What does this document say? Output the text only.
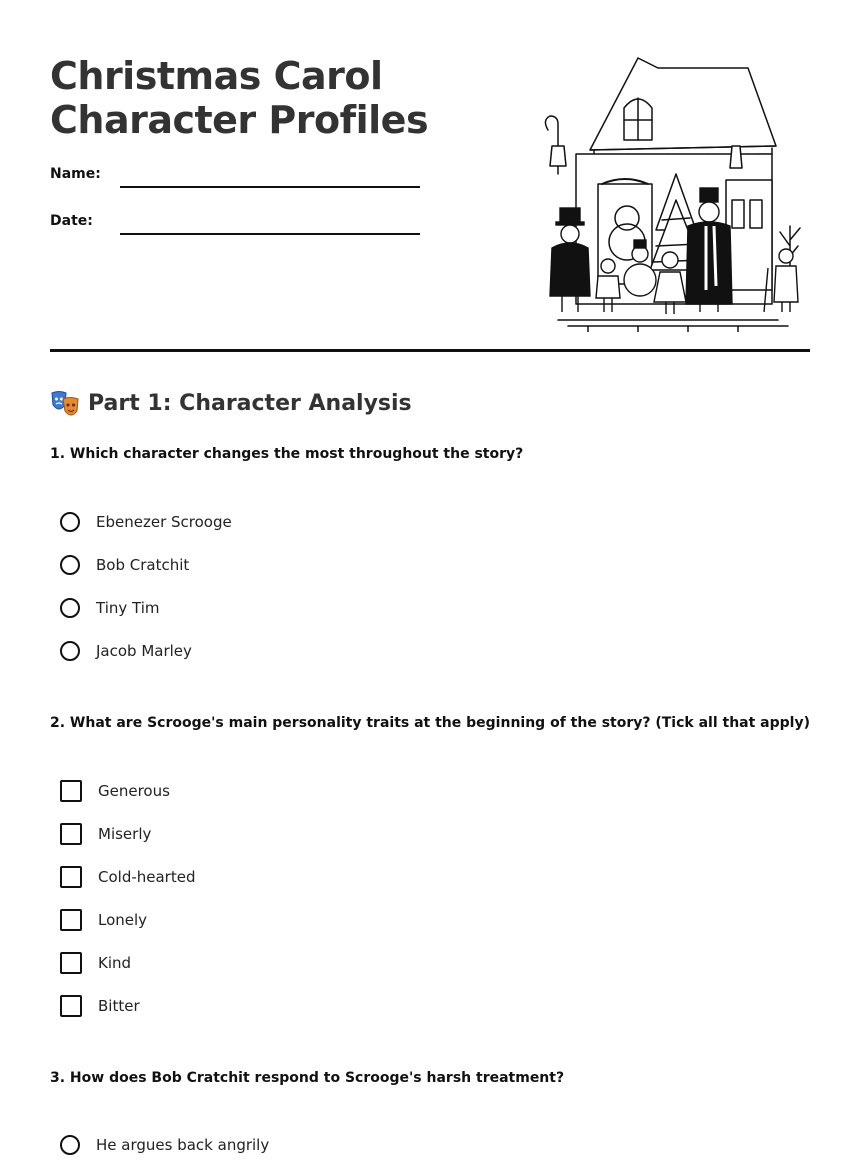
Christmas Carol
Character Profiles
Name:
Date:
Part 1: Character Analysis

1. Which character changes the most throughout the story?

Ebenezer Scrooge
Bob Cratchit
Tiny Tim
Jacob Marley

2. What are Scrooge's main personality traits at the beginning of the story? (Tick all that apply)

Generous
Miserly
Cold-hearted
Lonely
Kind
Bitter

3. How does Bob Cratchit respond to Scrooge's harsh treatment?

He argues back angrily
